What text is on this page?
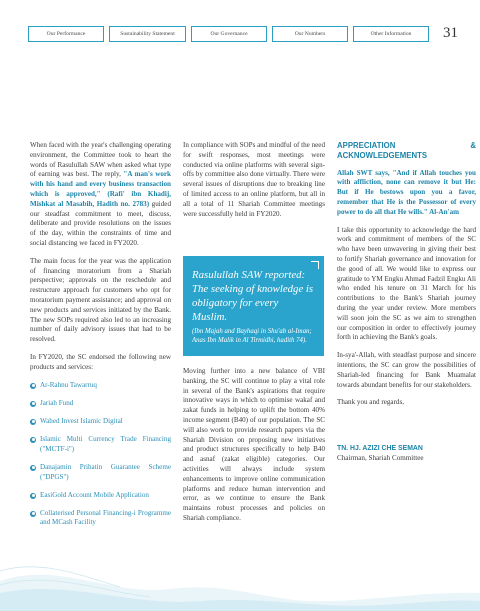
Our Performance	Sustainability Statement	Our Governance	Our Numbers	Other Information	31

When faced with the year's challenging operating environment, the Committee took to heart the words of Rasulullah SAW when asked what type of earning was best. The reply, "A man's work with his hand and every business transaction which is approved," (Rafi' ibn Khadij, Mishkat al Masabih, Hadith no. 2783) guided our steadfast commitment to meet, discuss, deliberate and provide resolutions on the issues of the day, within the constraints of time and social distancing we faced in FY2020.

The main focus for the year was the application of financing moratorium from a Shariah perspective; approvals on the reschedule and restructure approach for customers who opt for moratorium payment assistance; and approval on new products and services initiated by the Bank. The new SOPs required also led to an increasing number of daily advisory issues that had to be resolved.

In FY2020, the SC endorsed the following new products and services:

Ar-Rahnu Tawarruq
Jariah Fund
Wahed Invest Islamic Digital
Islamic Multi Currency Trade Financing ("MCTF-i")
Danajamin Prihatin Guarantee Scheme ("DPGS")
EasiGold Account Mobile Application
Collaterised Personal Financing-i Programme and MCash Facility

In compliance with SOPs and mindful of the need for swift responses, most meetings were conducted via online platforms with several sign-offs by committee also done virtually. There were several issues of disruptions due to breaking line of limited access to an online platform, but all in all a total of 11 Shariah Committee meetings were successfully held in FY2020.

Rasulullah SAW reported: The seeking of knowledge is obligatory for every Muslim.
(Ibn Majah and Bayhaqi in Shu'ab al-Iman; Anas Ibn Malik in Al Tirmidhi, hadith 74).

Moving further into a new balance of VBI banking, the SC will continue to play a vital role in several of the Bank's aspirations that require innovative ways in which to optimise wakaf and zakat funds in helping to uplift the bottom 40% income segment (B40) of our population. The SC will also work to provide research papers via the Shariah Division on proposing new initiatives and product structures specifically to help B40 and asnaf (zakat eligible) categories. Our activities will always include system enhancements to improve online communication platforms and reduce human intervention and error, as we continue to ensure the Bank maintains robust processes and policies on Shariah compliance.

APPRECIATION & ACKNOWLEDGEMENTS

Allah SWT says, "And if Allah touches you with affliction, none can remove it but He: But if He bestows upon you a favor, remember that He is the Possessor of every power to do all that He wills." Al-An'am

I take this opportunity to acknowledge the hard work and commitment of members of the SC who have been unwavering in giving their best to fortify Shariah governance and innovation for the good of all. We would like to express our gratitude to YM Engku Ahmad Fadzil Engku Ali who ended his tenure on 31 March for his contributions to the Bank's Shariah journey during the year under review. More members will soon join the SC as we aim to strengthen our composition in order to effectively journey forth in achieving the Bank's goals.

In-sya'-Allah, with steadfast purpose and sincere intentions, the SC can grow the possibilities of Shariah-led financing for Bank Muamalat towards abundant benefits for our stakeholders.

Thank you and regards,

TN. HJ. AZIZI CHE SEMAN
Chairman, Shariah Committee
